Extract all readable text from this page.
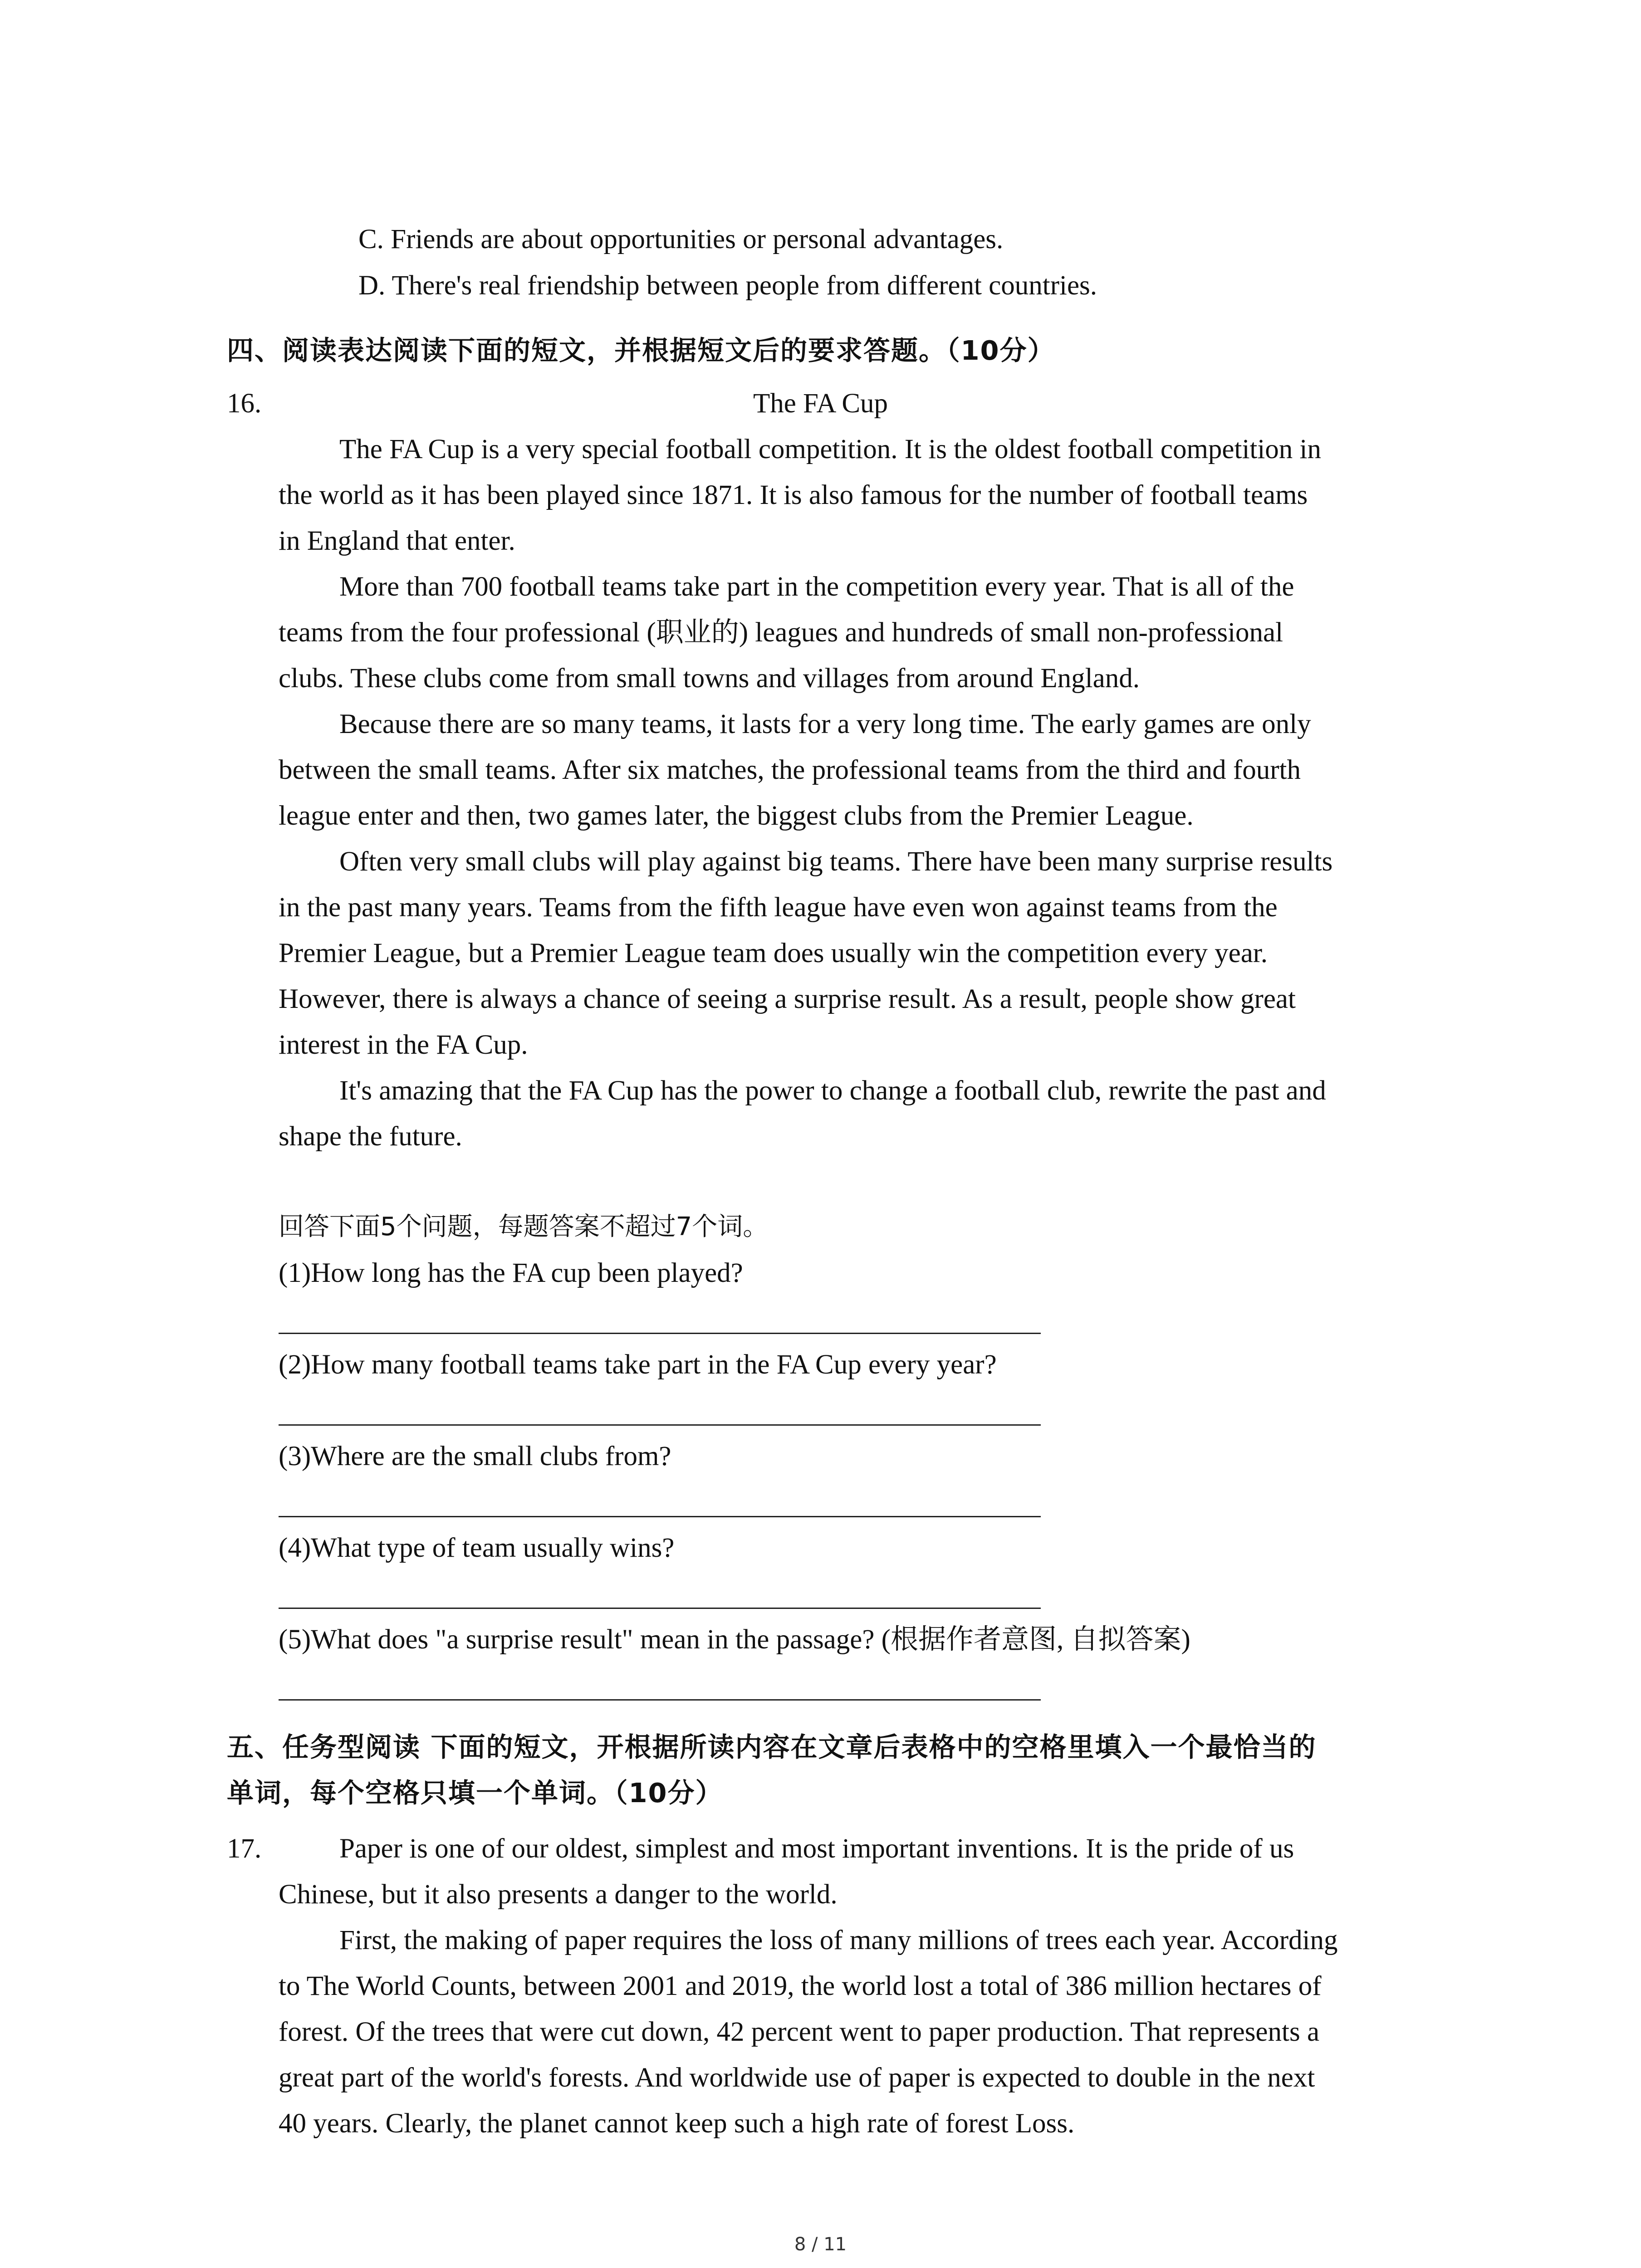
C. Friends are about opportunities or personal advantages.
D. There's real friendship between people from different countries.
四、阅读表达阅读下面的短文，并根据短文后的要求答题。（10分）
16.	The FA Cup
The FA Cup is a very special football competition. It is the oldest football competition in
the world as it has been played since 1871. It is also famous for the number of football teams
in England that enter.
More than 700 football teams take part in the competition every year. That is all of the
teams from the four professional (职业的) leagues and hundreds of small non-professional
clubs. These clubs come from small towns and villages from around England.
Because there are so many teams, it lasts for a very long time. The early games are only
between the small teams. After six matches, the professional teams from the third and fourth
league enter and then, two games later, the biggest clubs from the Premier League.
Often very small clubs will play against big teams. There have been many surprise results
in the past many years. Teams from the fifth league have even won against teams from the
Premier League, but a Premier League team does usually win the competition every year.
However, there is always a chance of seeing a surprise result. As a result, people show great
interest in the FA Cup.
It's amazing that the FA Cup has the power to change a football club, rewrite the past and
shape the future.
回答下面5个问题，每题答案不超过7个词。
(1)How long has the FA cup been played?
(2)How many football teams take part in the FA Cup every year?
(3)Where are the small clubs from?
(4)What type of team usually wins?
(5)What does "a surprise result" mean in the passage? (根据作者意图, 自拟答案)
五、任务型阅读 下面的短文，开根据所读内容在文章后表格中的空格里填入一个最恰当的
单词，每个空格只填一个单词。（10分）
17.	Paper is one of our oldest, simplest and most important inventions. It is the pride of us
Chinese, but it also presents a danger to the world.
First, the making of paper requires the loss of many millions of trees each year. According
to The World Counts, between 2001 and 2019, the world lost a total of 386 million hectares of
forest. Of the trees that were cut down, 42 percent went to paper production. That represents a
great part of the world's forests. And worldwide use of paper is expected to double in the next
40 years. Clearly, the planet cannot keep such a high rate of forest Loss.
8 / 11
